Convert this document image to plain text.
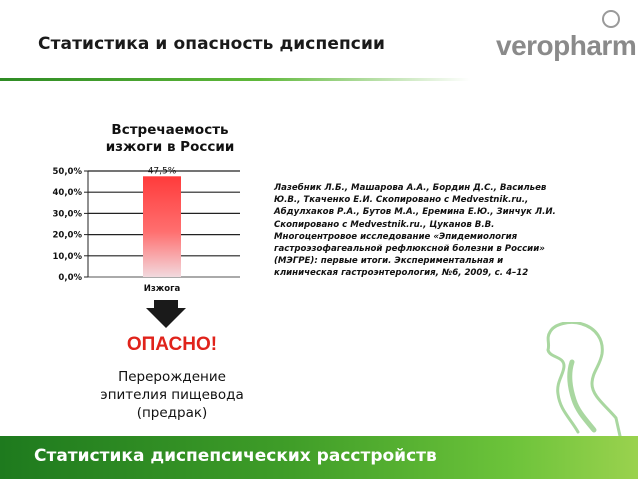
Статистика и опасность диспепсии	veropharm
Встречаемость
изжоги в России
0,0%
10,0%
20,0%
30,0%
40,0%
50,0%	47,5%
Изжога
Лазебник Л.Б., Машарова А.А., Бордин Д.С., Васильев
Ю.В., Ткаченко Е.И. Скопировано с Medvestnik.ru.,
Абдулхаков Р.А., Бутов М.А., Еремина Е.Ю., Зинчук Л.И.
Скопировано с Medvestnik.ru., Цуканов В.В.
Многоцентровое исследование «Эпидемиология
гастроэзофагеальной рефлюксной болезни в России»
(МЭГРЕ): первые итоги. Экспериментальная и
клиническая гастроэнтерология, №6, 2009, с. 4–12
ОПАСНО!
Перерождение
эпителия пищевода
(предрак)
Статистика диспепсических расстройств
